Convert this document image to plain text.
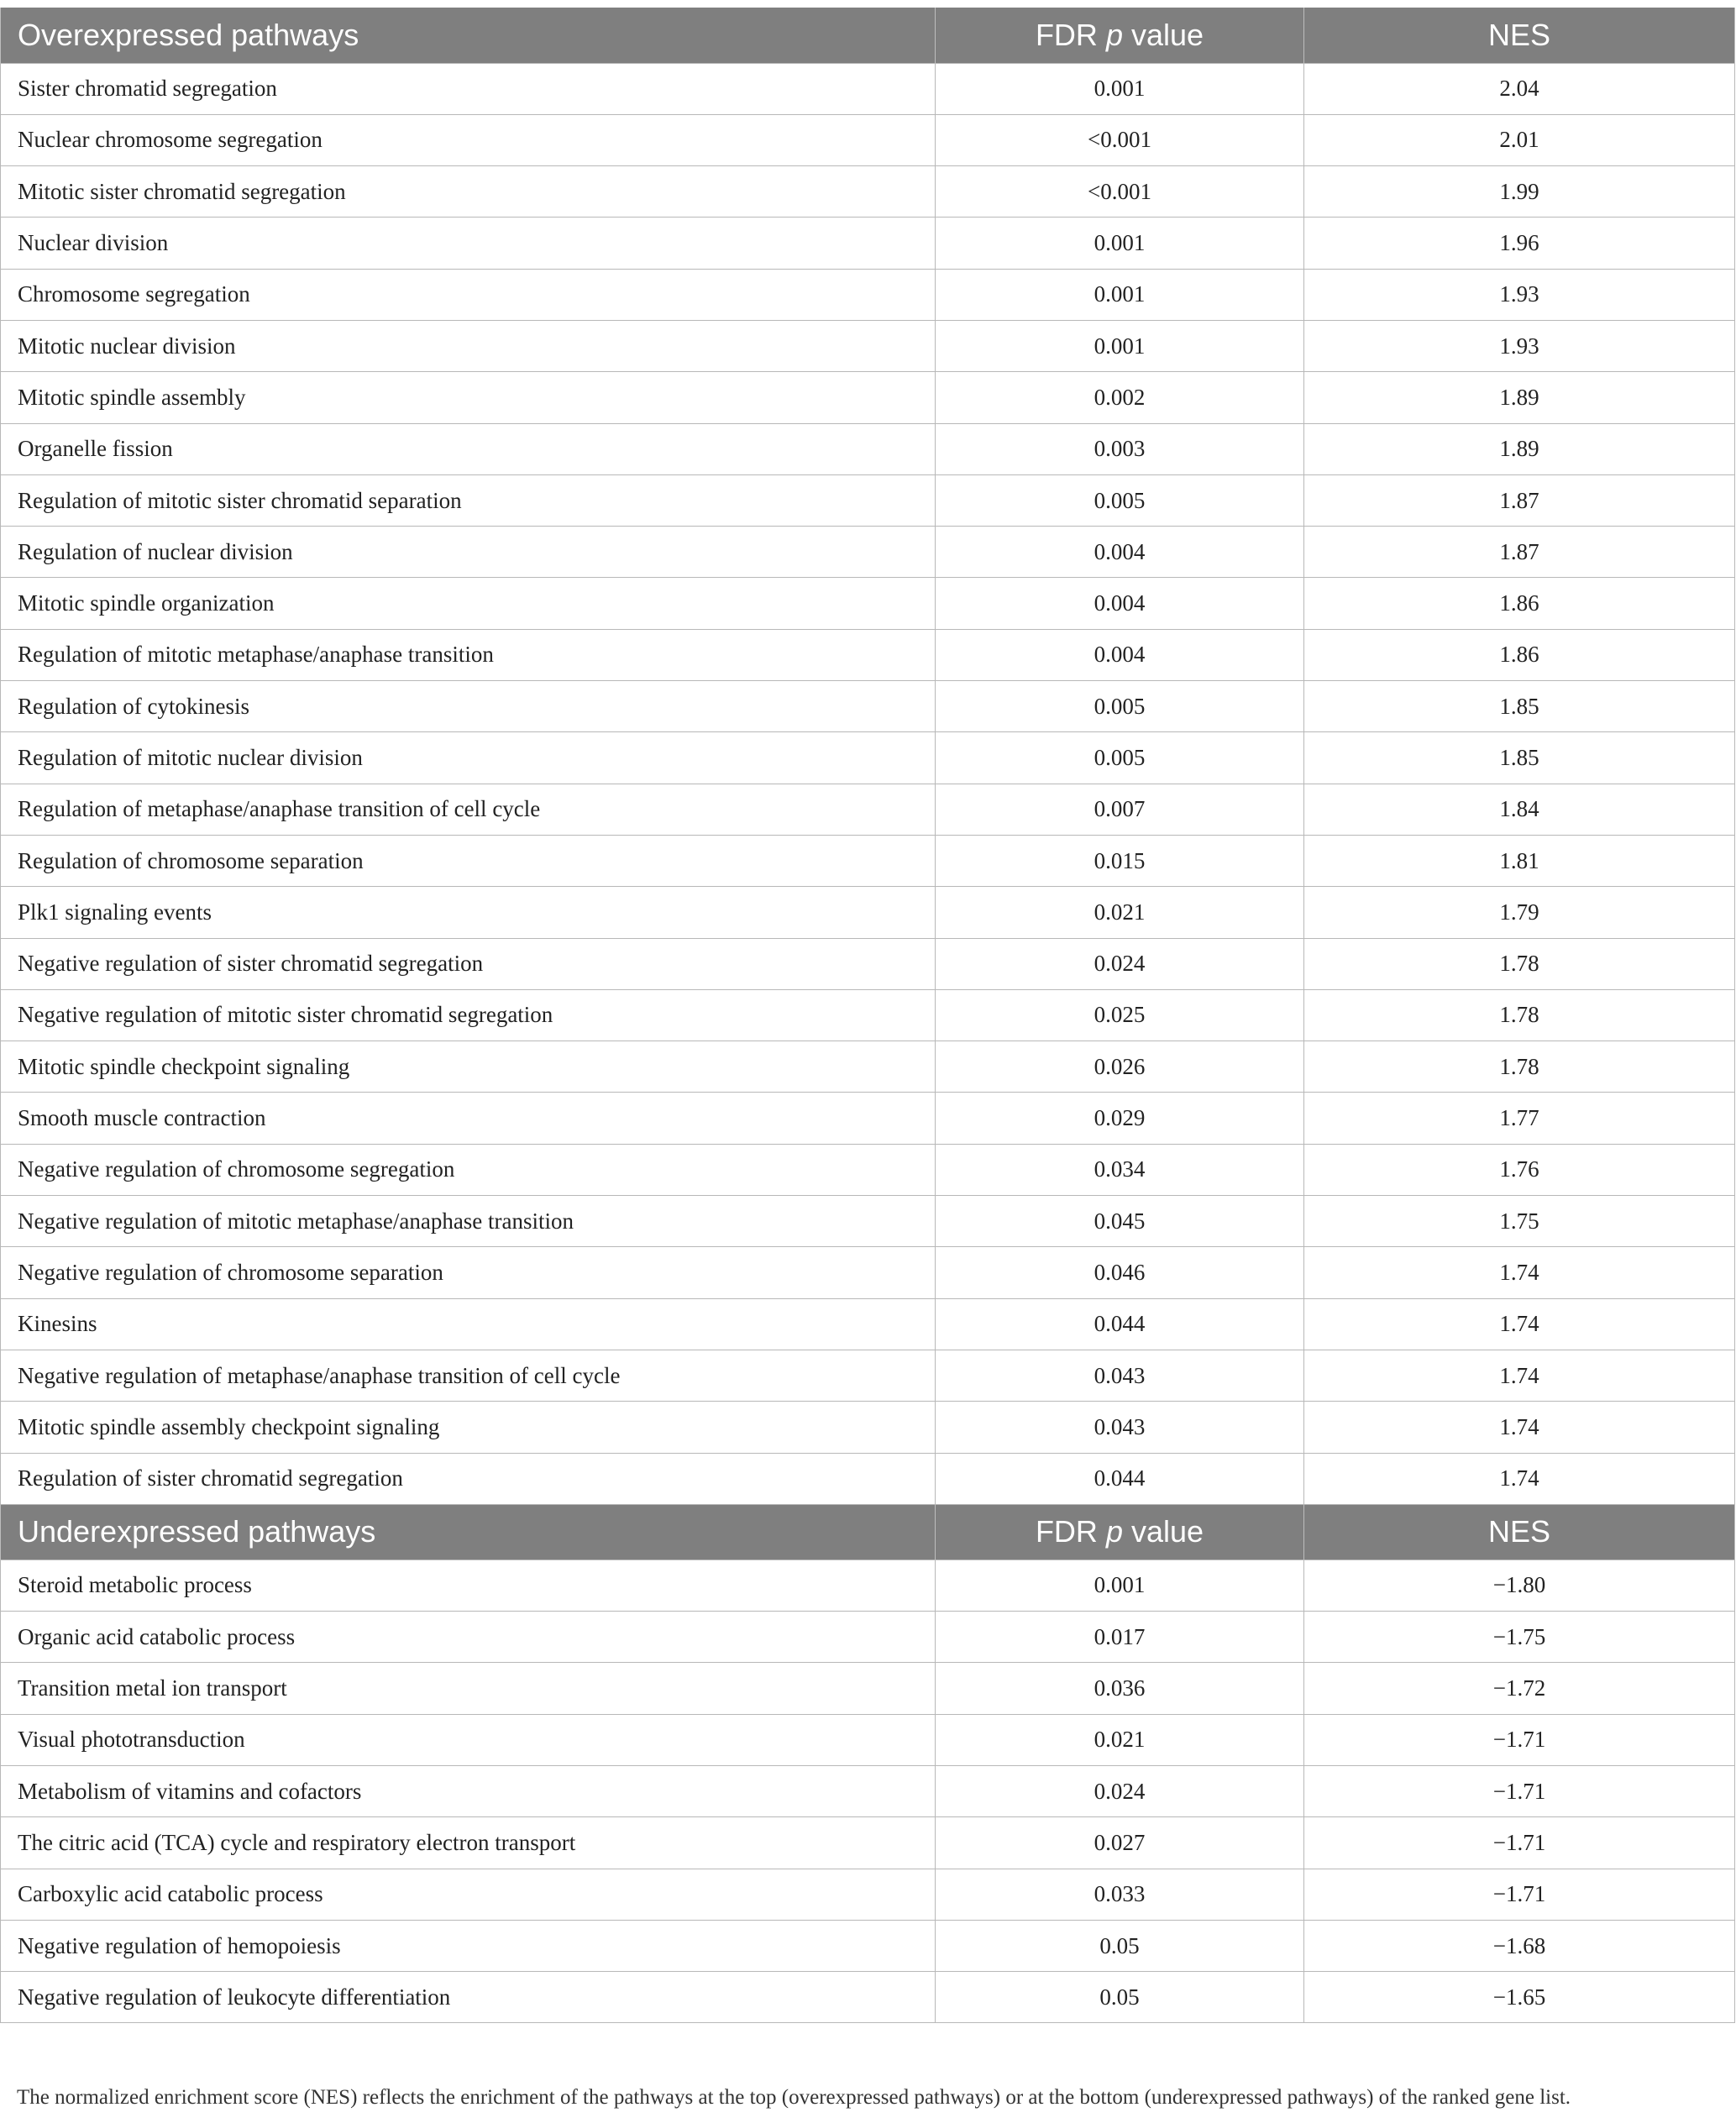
Overexpressed pathways	FDR p value	NES
Sister chromatid segregation	0.001	2.04
Nuclear chromosome segregation	<0.001	2.01
Mitotic sister chromatid segregation	<0.001	1.99
Nuclear division	0.001	1.96
Chromosome segregation	0.001	1.93
Mitotic nuclear division	0.001	1.93
Mitotic spindle assembly	0.002	1.89
Organelle fission	0.003	1.89
Regulation of mitotic sister chromatid separation	0.005	1.87
Regulation of nuclear division	0.004	1.87
Mitotic spindle organization	0.004	1.86
Regulation of mitotic metaphase/anaphase transition	0.004	1.86
Regulation of cytokinesis	0.005	1.85
Regulation of mitotic nuclear division	0.005	1.85
Regulation of metaphase/anaphase transition of cell cycle	0.007	1.84
Regulation of chromosome separation	0.015	1.81
Plk1 signaling events	0.021	1.79
Negative regulation of sister chromatid segregation	0.024	1.78
Negative regulation of mitotic sister chromatid segregation	0.025	1.78
Mitotic spindle checkpoint signaling	0.026	1.78
Smooth muscle contraction	0.029	1.77
Negative regulation of chromosome segregation	0.034	1.76
Negative regulation of mitotic metaphase/anaphase transition	0.045	1.75
Negative regulation of chromosome separation	0.046	1.74
Kinesins	0.044	1.74
Negative regulation of metaphase/anaphase transition of cell cycle	0.043	1.74
Mitotic spindle assembly checkpoint signaling	0.043	1.74
Regulation of sister chromatid segregation	0.044	1.74
Underexpressed pathways	FDR p value	NES
Steroid metabolic process	0.001	−1.80
Organic acid catabolic process	0.017	−1.75
Transition metal ion transport	0.036	−1.72
Visual phototransduction	0.021	−1.71
Metabolism of vitamins and cofactors	0.024	−1.71
The citric acid (TCA) cycle and respiratory electron transport	0.027	−1.71
Carboxylic acid catabolic process	0.033	−1.71
Negative regulation of hemopoiesis	0.05	−1.68
Negative regulation of leukocyte differentiation	0.05	−1.65
The normalized enrichment score (NES) reflects the enrichment of the pathways at the top (overexpressed pathways) or at the bottom (underexpressed pathways) of the ranked gene list.
